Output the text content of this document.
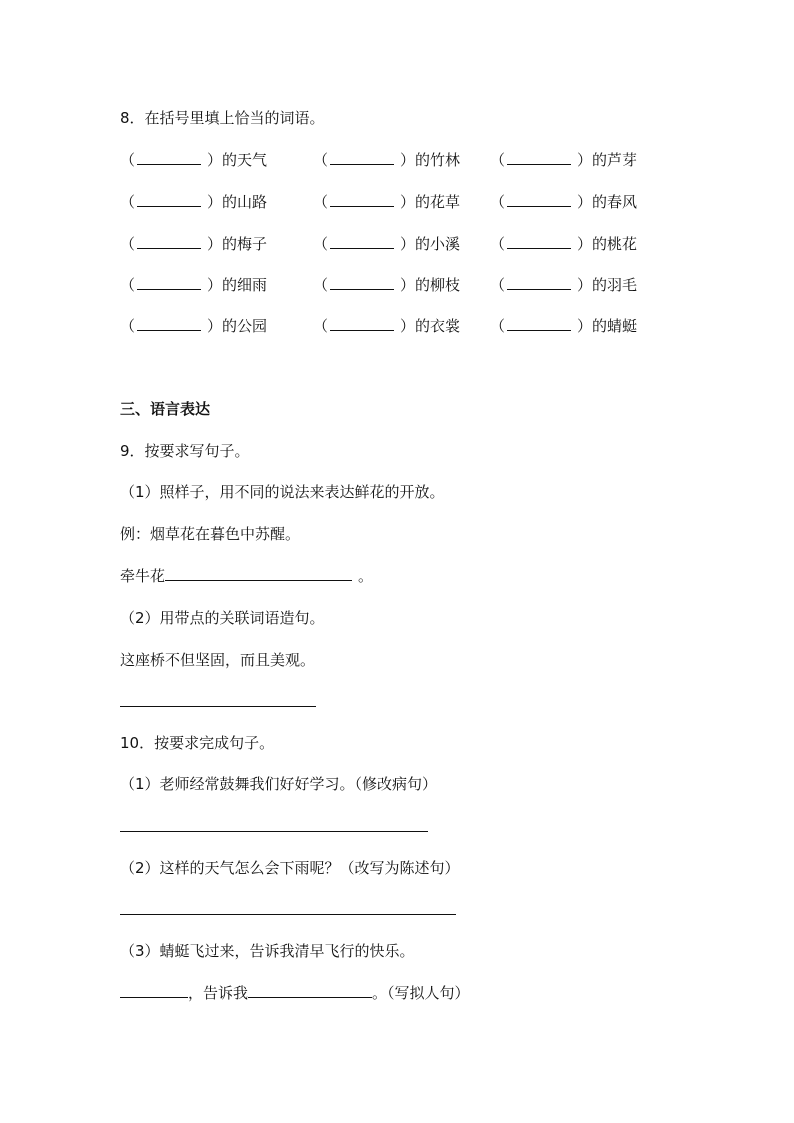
8．在括号里填上恰当的词语。
（	）的天气	（	）的竹林 （	）的芦芽
（	）的山路	（	）的花草 （	）的春风
（	）的梅子	（	）的小溪 （	）的桃花
（	）的细雨	（	）的柳枝 （	）的羽毛
（	）的公园	（	）的衣裳 （	）的蜻蜓
三、语言表达
9．按要求写句子。
（1）照样子，用不同的说法来表达鲜花的开放。
例：烟草花在暮色中苏醒。
牵牛花	。
（2）用带点的关联词语造句。
这座桥不但坚固，而且美观。
10．按要求完成句子。
（1）老师经常鼓舞我们好好学习。（修改病句）
（2）这样的天气怎么会下雨呢？（改写为陈述句）
（3）蜻蜓飞过来，告诉我清早飞行的快乐。
，告诉我	。（写拟人句）
